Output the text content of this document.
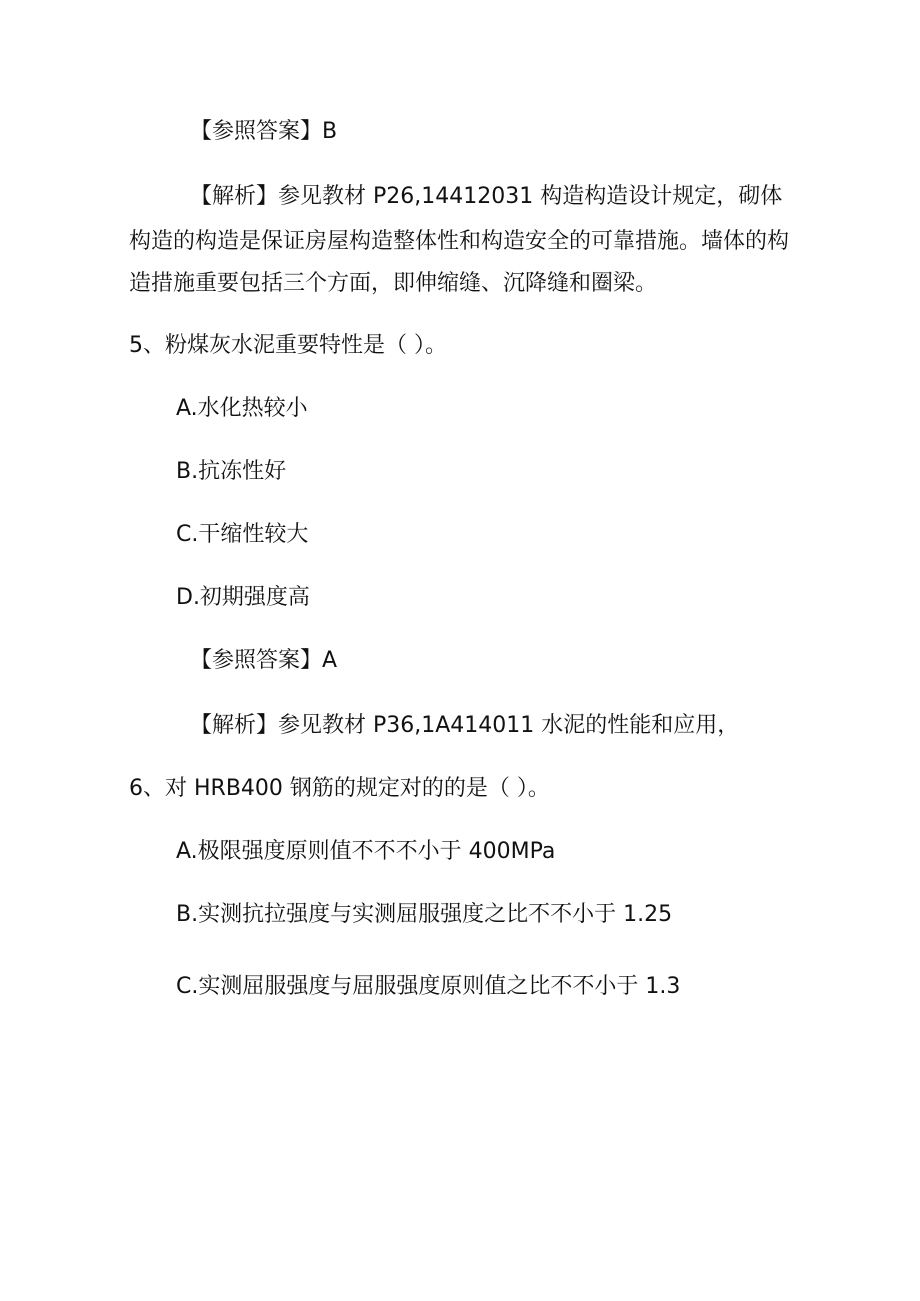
【参照答案】B

【解析】参见教材 P26,14412031 构造构造设计规定，砌体

构造的构造是保证房屋构造整体性和构造安全的可靠措施。墙体的构

造措施重要包括三个方面，即伸缩缝、沉降缝和圈梁。

5、粉煤灰水泥重要特性是（ ）。

A.水化热较小

B.抗冻性好

C.干缩性较大

D.初期强度高

【参照答案】A

【解析】参见教材 P36,1A414011 水泥的性能和应用，

6、对 HRB400 钢筋的规定对的的是（ ）。

A.极限强度原则值不不不小于 400MPa

B.实测抗拉强度与实测屈服强度之比不不小于 1.25

C.实测屈服强度与屈服强度原则值之比不不小于 1.3
